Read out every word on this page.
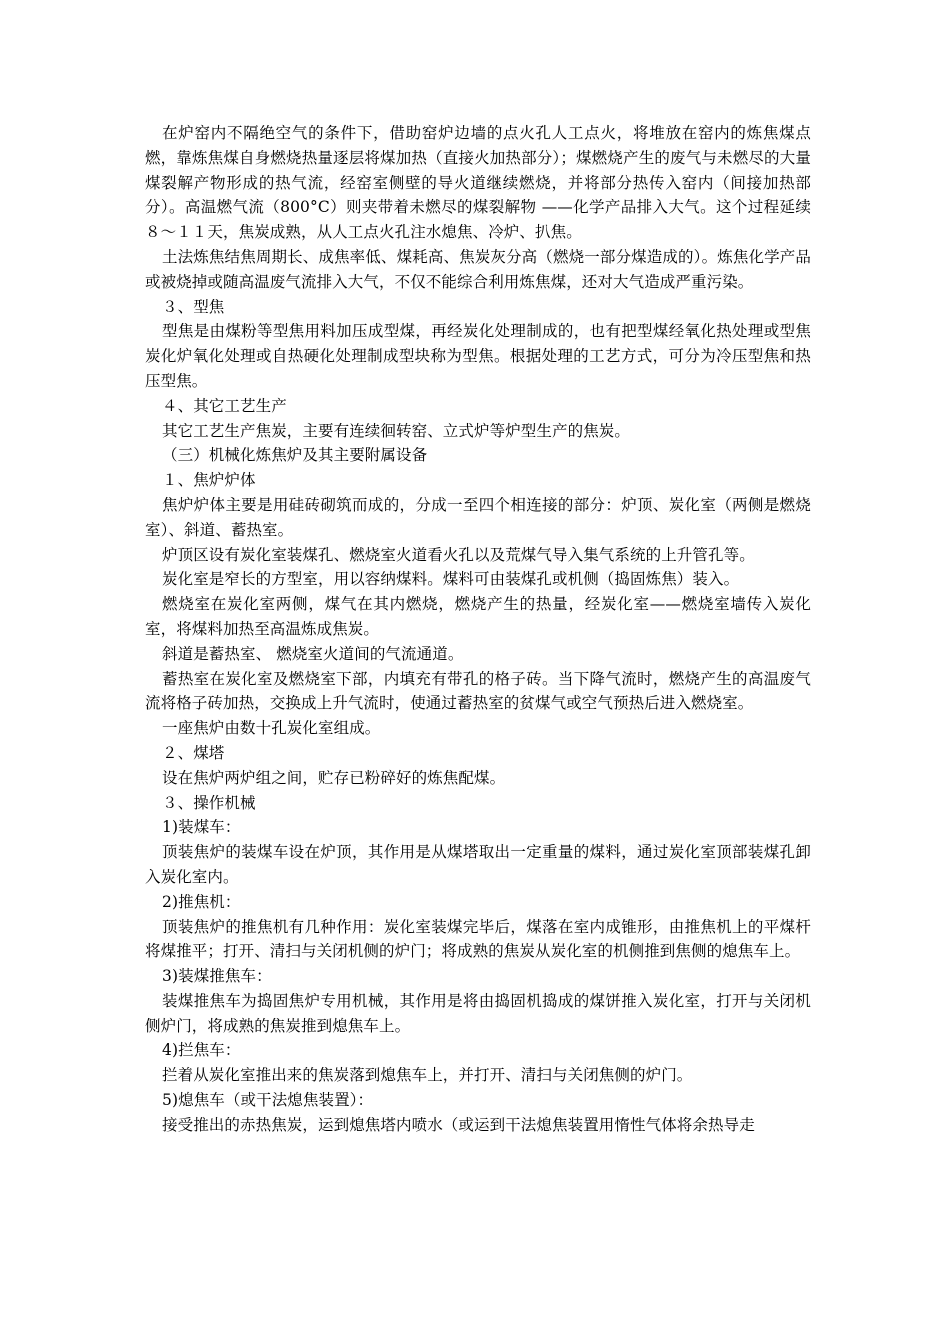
在炉窑内不隔绝空气的条件下，借助窑炉边墙的点火孔人工点火，将堆放在窑内的炼焦煤点燃，靠炼焦煤自身燃烧热量逐层将煤加热（直接火加热部分）；煤燃烧产生的废气与未燃尽的大量煤裂解产物形成的热气流，经窑室侧壁的导火道继续燃烧，并将部分热传入窑内（间接加热部分）。高温燃气流（800°C）则夹带着未燃尽的煤裂解物 ——化学产品排入大气。这个过程延续８～１１天，焦炭成熟，从人工点火孔注水熄焦、冷炉、扒焦。

土法炼焦结焦周期长、成焦率低、煤耗高、焦炭灰分高（燃烧一部分煤造成的）。炼焦化学产品或被烧掉或随高温废气流排入大气，不仅不能综合利用炼焦煤，还对大气造成严重污染。

３、型焦

型焦是由煤粉等型焦用料加压成型煤，再经炭化处理制成的，也有把型煤经氧化热处理或型焦炭化炉氧化处理或自热硬化处理制成型块称为型焦。根据处理的工艺方式，可分为冷压型焦和热压型焦。

４、其它工艺生产

其它工艺生产焦炭，主要有连续徊转窑、立式炉等炉型生产的焦炭。

（三）机械化炼焦炉及其主要附属设备

１、焦炉炉体

焦炉炉体主要是用硅砖砌筑而成的，分成一至四个相连接的部分：炉顶、炭化室（两侧是燃烧室）、斜道、蓄热室。

炉顶区设有炭化室装煤孔、燃烧室火道看火孔以及荒煤气导入集气系统的上升管孔等。

炭化室是窄长的方型室，用以容纳煤料。煤料可由装煤孔或机侧（捣固炼焦）装入。

燃烧室在炭化室两侧，煤气在其内燃烧，燃烧产生的热量，经炭化室——燃烧室墙传入炭化室，将煤料加热至高温炼成焦炭。

斜道是蓄热室、 燃烧室火道间的气流通道。

蓄热室在炭化室及燃烧室下部，内填充有带孔的格子砖。当下降气流时，燃烧产生的高温废气流将格子砖加热，交换成上升气流时，使通过蓄热室的贫煤气或空气预热后进入燃烧室。

一座焦炉由数十孔炭化室组成。

２、煤塔

设在焦炉两炉组之间，贮存已粉碎好的炼焦配煤。

３、操作机械

1)装煤车：

顶装焦炉的装煤车设在炉顶，其作用是从煤塔取出一定重量的煤料，通过炭化室顶部装煤孔卸入炭化室内。

2)推焦机：

顶装焦炉的推焦机有几种作用：炭化室装煤完毕后，煤落在室内成锥形，由推焦机上的平煤杆将煤推平；打开、清扫与关闭机侧的炉门；将成熟的焦炭从炭化室的机侧推到焦侧的熄焦车上。

3)装煤推焦车：

装煤推焦车为捣固焦炉专用机械，其作用是将由捣固机捣成的煤饼推入炭化室，打开与关闭机侧炉门，将成熟的焦炭推到熄焦车上。

4)拦焦车：

拦着从炭化室推出来的焦炭落到熄焦车上，并打开、清扫与关闭焦侧的炉门。

5)熄焦车（或干法熄焦装置）：

接受推出的赤热焦炭，运到熄焦塔内喷水（或运到干法熄焦装置用惰性气体将余热导走
